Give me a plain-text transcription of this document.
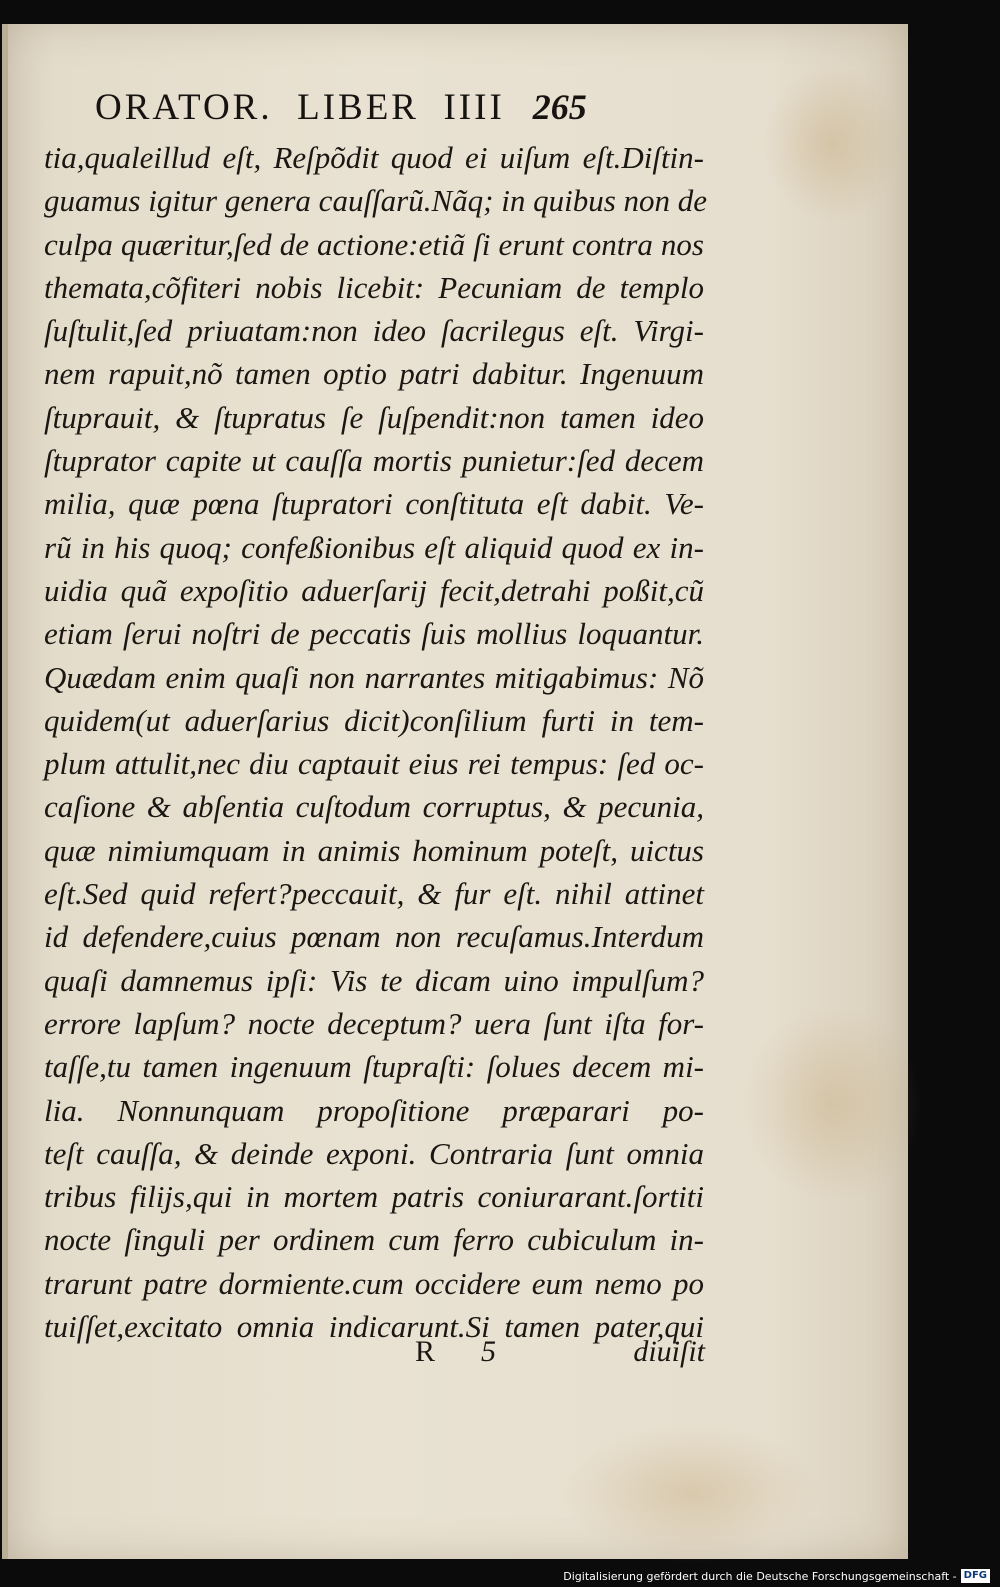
ORATOR.  LIBER  IIII 265
tia,qualeillud eſt, Reſpõdit quod ei uiſum eſt.Diſtin-
guamus igitur genera cauſſarũ.Nãq; in quibus non de
culpa quæritur,ſed de actione:etiã ſi erunt contra nos
themata,cõfiteri nobis licebit: Pecuniam de templo
ſuſtulit,ſed priuatam:non ideo ſacrilegus eſt. Virgi-
nem rapuit,nõ tamen optio patri dabitur. Ingenuum
ſtuprauit, & ſtupratus ſe ſuſpendit:non tamen ideo
ſtuprator capite ut cauſſa mortis punietur:ſed decem
milia, quæ pœna ſtupratori conſtituta eſt dabit. Ve-
rũ in his quoq; confeßionibus eſt aliquid quod ex in-
uidia quã expoſitio aduerſarij fecit,detrahi poßit,cũ
etiam ſerui noſtri de peccatis ſuis mollius loquantur.
Quædam enim quaſi non narrantes mitigabimus: Nõ
quidem(ut aduerſarius dicit)conſilium furti in tem-
plum attulit,nec diu captauit eius rei tempus: ſed oc-
caſione & abſentia cuſtodum corruptus, & pecunia,
quæ nimiumquam in animis hominum poteſt, uictus
eſt.Sed quid refert?peccauit, & fur eſt. nihil attinet
id defendere,cuius pœnam non recuſamus.Interdum
quaſi damnemus ipſi: Vis te dicam uino impulſum?
errore lapſum? nocte deceptum? uera ſunt iſta for-
taſſe,tu tamen ingenuum ſtupraſti: ſolues decem mi-
lia. Nonnunquam propoſitione præparari po-
teſt cauſſa, & deinde exponi. Contraria ſunt omnia
tribus filijs,qui in mortem patris coniurarant.ſortiti
nocte ſinguli per ordinem cum ferro cubiculum in-
trarunt patre dormiente.cum occidere eum nemo po
tuiſſet,excitato omnia indicarunt.Si tamen pater,qui
R 5	diuiſit
Digitalisierung gefördert durch die Deutsche Forschungsgemeinschaft - DFG
